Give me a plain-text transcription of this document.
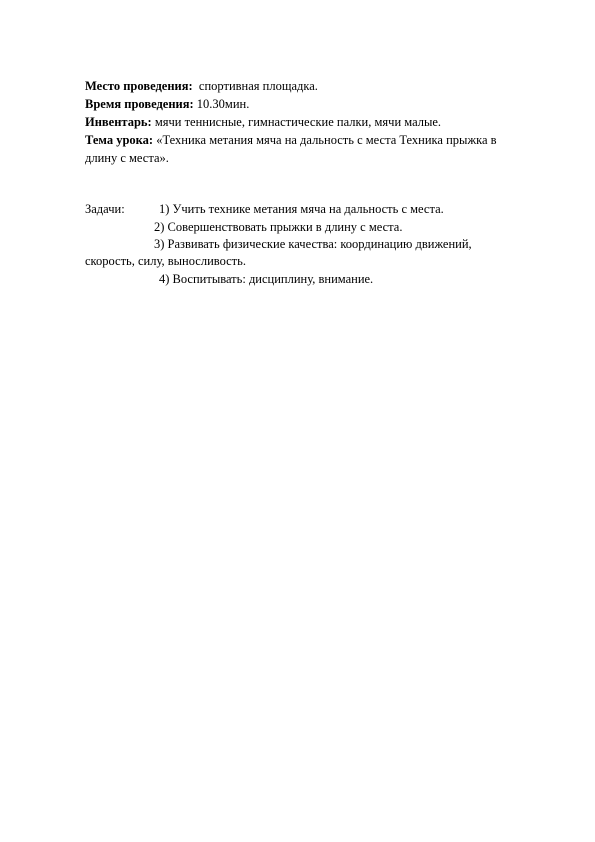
Место проведения:  спортивная площадка.
Время проведения: 10.30мин.
Инвентарь: мячи теннисные, гимнастические палки, мячи малые.
Тема урока: «Техника метания мяча на дальность с места Техника прыжка в
длину с места».
Задачи:	1) Учить технике метания мяча на дальность с места.
2) Совершенствовать прыжки в длину с места.
3) Развивать физические качества: координацию движений,
скорость, силу, выносливость.
4) Воспитывать: дисциплину, внимание.
